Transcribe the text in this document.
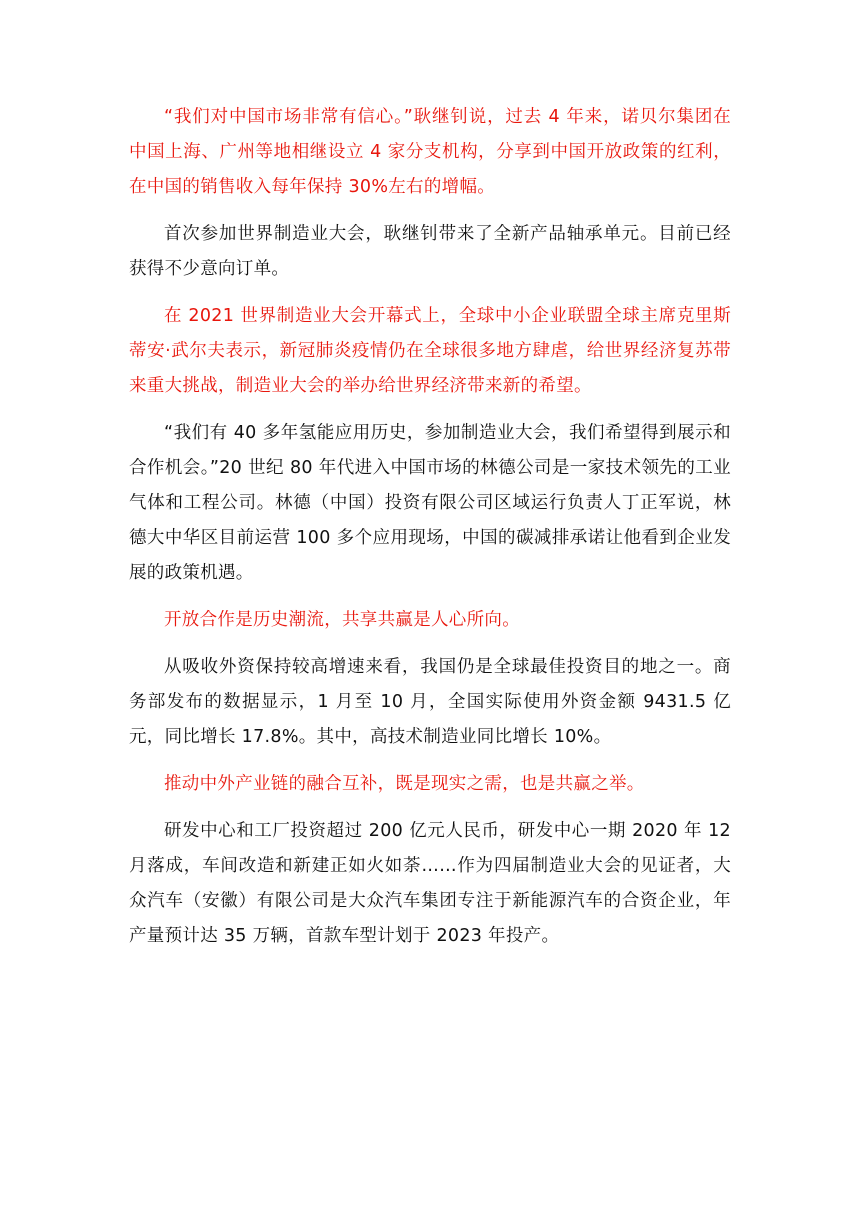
“我们对中国市场非常有信心。”耿继钊说，过去 4 年来，诺贝尔集团在中国上海、广州等地相继设立 4 家分支机构，分享到中国开放政策的红利，在中国的销售收入每年保持 30%左右的增幅。

首次参加世界制造业大会，耿继钊带来了全新产品轴承单元。目前已经获得不少意向订单。

在 2021 世界制造业大会开幕式上，全球中小企业联盟全球主席克里斯蒂安·武尔夫表示，新冠肺炎疫情仍在全球很多地方肆虐，给世界经济复苏带来重大挑战，制造业大会的举办给世界经济带来新的希望。

“我们有 40 多年氢能应用历史，参加制造业大会，我们希望得到展示和合作机会。”20 世纪 80 年代进入中国市场的林德公司是一家技术领先的工业气体和工程公司。林德（中国）投资有限公司区域运行负责人丁正军说，林德大中华区目前运营 100 多个应用现场，中国的碳减排承诺让他看到企业发展的政策机遇。

开放合作是历史潮流，共享共赢是人心所向。

从吸收外资保持较高增速来看，我国仍是全球最佳投资目的地之一。商务部发布的数据显示，1 月至 10 月，全国实际使用外资金额 9431.5 亿元，同比增长 17.8%。其中，高技术制造业同比增长 10%。

推动中外产业链的融合互补，既是现实之需，也是共赢之举。

研发中心和工厂投资超过 200 亿元人民币，研发中心一期 2020 年 12 月落成，车间改造和新建正如火如荼……作为四届制造业大会的见证者，大众汽车（安徽）有限公司是大众汽车集团专注于新能源汽车的合资企业，年产量预计达 35 万辆，首款车型计划于 2023 年投产。
